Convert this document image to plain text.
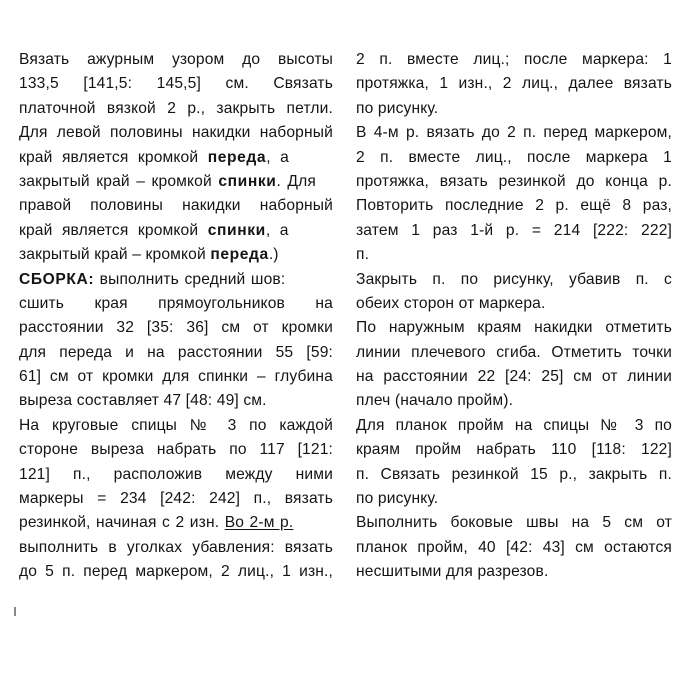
Вязать ажурным узором до высоты
133,5 [141,5: 145,5] см. Связать
платочной вязкой 2 р., закрыть петли.
Для левой половины накидки наборный
край является кромкой переда, а
закрытый край – кромкой спинки. Для
правой половины накидки наборный
край является кромкой спинки, а
закрытый край – кромкой переда.)
СБОРКА: выполнить средний шов:
сшить края прямоугольников на
расстоянии 32 [35: 36] см от кромки
для переда и на расстоянии 55 [59:
61] см от кромки для спинки – глубина
выреза составляет 47 [48: 49] см.
На круговые спицы № 3 по каждой
стороне выреза набрать по 117 [121:
121] п., расположив между ними
маркеры = 234 [242: 242] п., вязать
резинкой, начиная с 2 изн. Во 2-м р.
выполнить в уголках убавления: вязать
до 5 п. перед маркером, 2 лиц., 1 изн.,
2 п. вместе лиц.; после маркера: 1
протяжка, 1 изн., 2 лиц., далее вязать
по рисунку.
В 4-м р. вязать до 2 п. перед маркером,
2 п. вместе лиц., после маркера 1
протяжка, вязать резинкой до конца р.
Повторить последние 2 р. ещё 8 раз,
затем 1 раз 1-й р. = 214 [222: 222]
п.
Закрыть п. по рисунку, убавив п. с
обеих сторон от маркера.
По наружным краям накидки отметить
линии плечевого сгиба. Отметить точки
на расстоянии 22 [24: 25] см от линии
плеч (начало пройм).
Для планок пройм на спицы № 3 по
краям пройм набрать 110 [118: 122]
п. Связать резинкой 15 р., закрыть п.
по рисунку.
Выполнить боковые швы на 5 см от
планок пройм, 40 [42: 43] см остаются
несшитыми для разрезов.
